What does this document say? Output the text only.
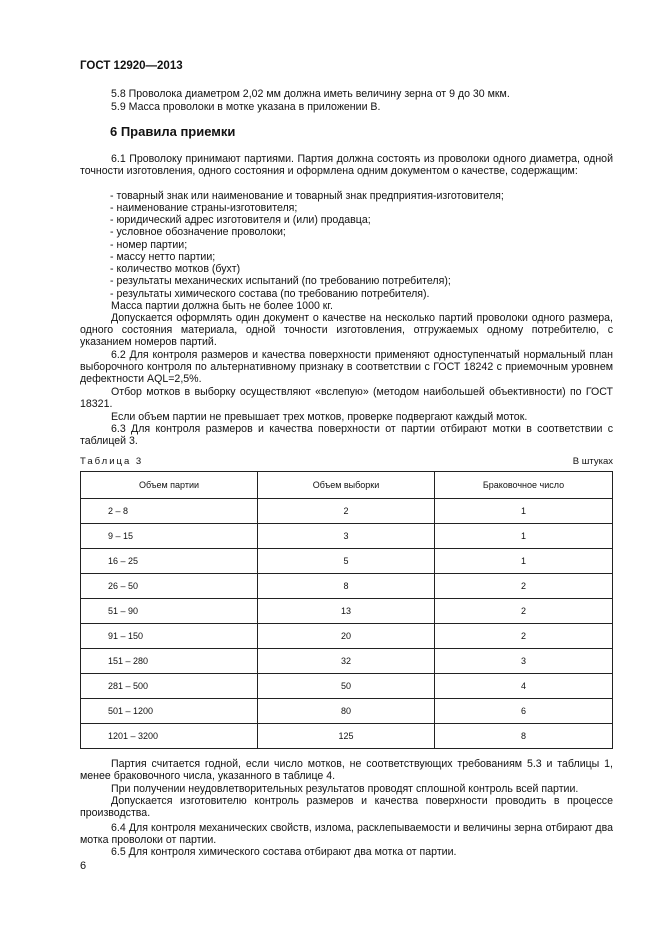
ГОСТ 12920—2013
5.8 Проволока диаметром 2,02 мм должна иметь величину зерна от 9 до 30 мкм.
5.9 Масса проволоки в мотке указана в приложении В.
6 Правила приемки
6.1 Проволоку принимают партиями. Партия должна состоять из проволоки одного диаметра, одной точности изготовления, одного состояния и оформлена одним документом о качестве, содержащим:
- товарный знак или наименование и товарный знак предприятия-изготовителя;
- наименование страны-изготовителя;
- юридический адрес изготовителя и (или) продавца;
- условное обозначение проволоки;
- номер партии;
- массу нетто партии;
- количество мотков (бухт)
- результаты механических испытаний (по требованию потребителя);
- результаты химического состава (по требованию потребителя).
Масса партии должна быть не более 1000 кг.
Допускается оформлять один документ о качестве на несколько партий проволоки одного размера, одного состояния материала, одной точности изготовления, отгружаемых одному потребителю, с указанием номеров партий.
6.2 Для контроля размеров и качества поверхности применяют одноступенчатый нормальный план выборочного контроля по альтернативному признаку в соответствии с ГОСТ 18242 с приемочным уровнем дефектности AQL=2,5%.
Отбор мотков в выборку осуществляют «вслепую» (методом наибольшей объективности) по ГОСТ 18321.
Если объем партии не превышает трех мотков, проверке подвергают каждый моток.
6.3 Для контроля размеров и качества поверхности от партии отбирают мотки в соответствии с таблицей 3.
Таблица 3	В штуках
Объем партии	Объем выборки	Браковочное число
2 – 8	2	1
9 – 15	3	1
16 – 25	5	1
26 – 50	8	2
51 – 90	13	2
91 – 150	20	2
151 – 280	32	3
281 – 500	50	4
501 – 1200	80	6
1201 – 3200	125	8
Партия считается годной, если число мотков, не соответствующих требованиям 5.3 и таблицы 1, менее браковочного числа, указанного в таблице 4.
При получении неудовлетворительных результатов проводят сплошной контроль всей партии.
Допускается изготовителю контроль размеров и качества поверхности проводить в процессе производства.
6.4 Для контроля механических свойств, излома, расклепываемости и величины зерна отбирают два мотка проволоки от партии.
6.5 Для контроля химического состава отбирают два мотка от партии.
6
